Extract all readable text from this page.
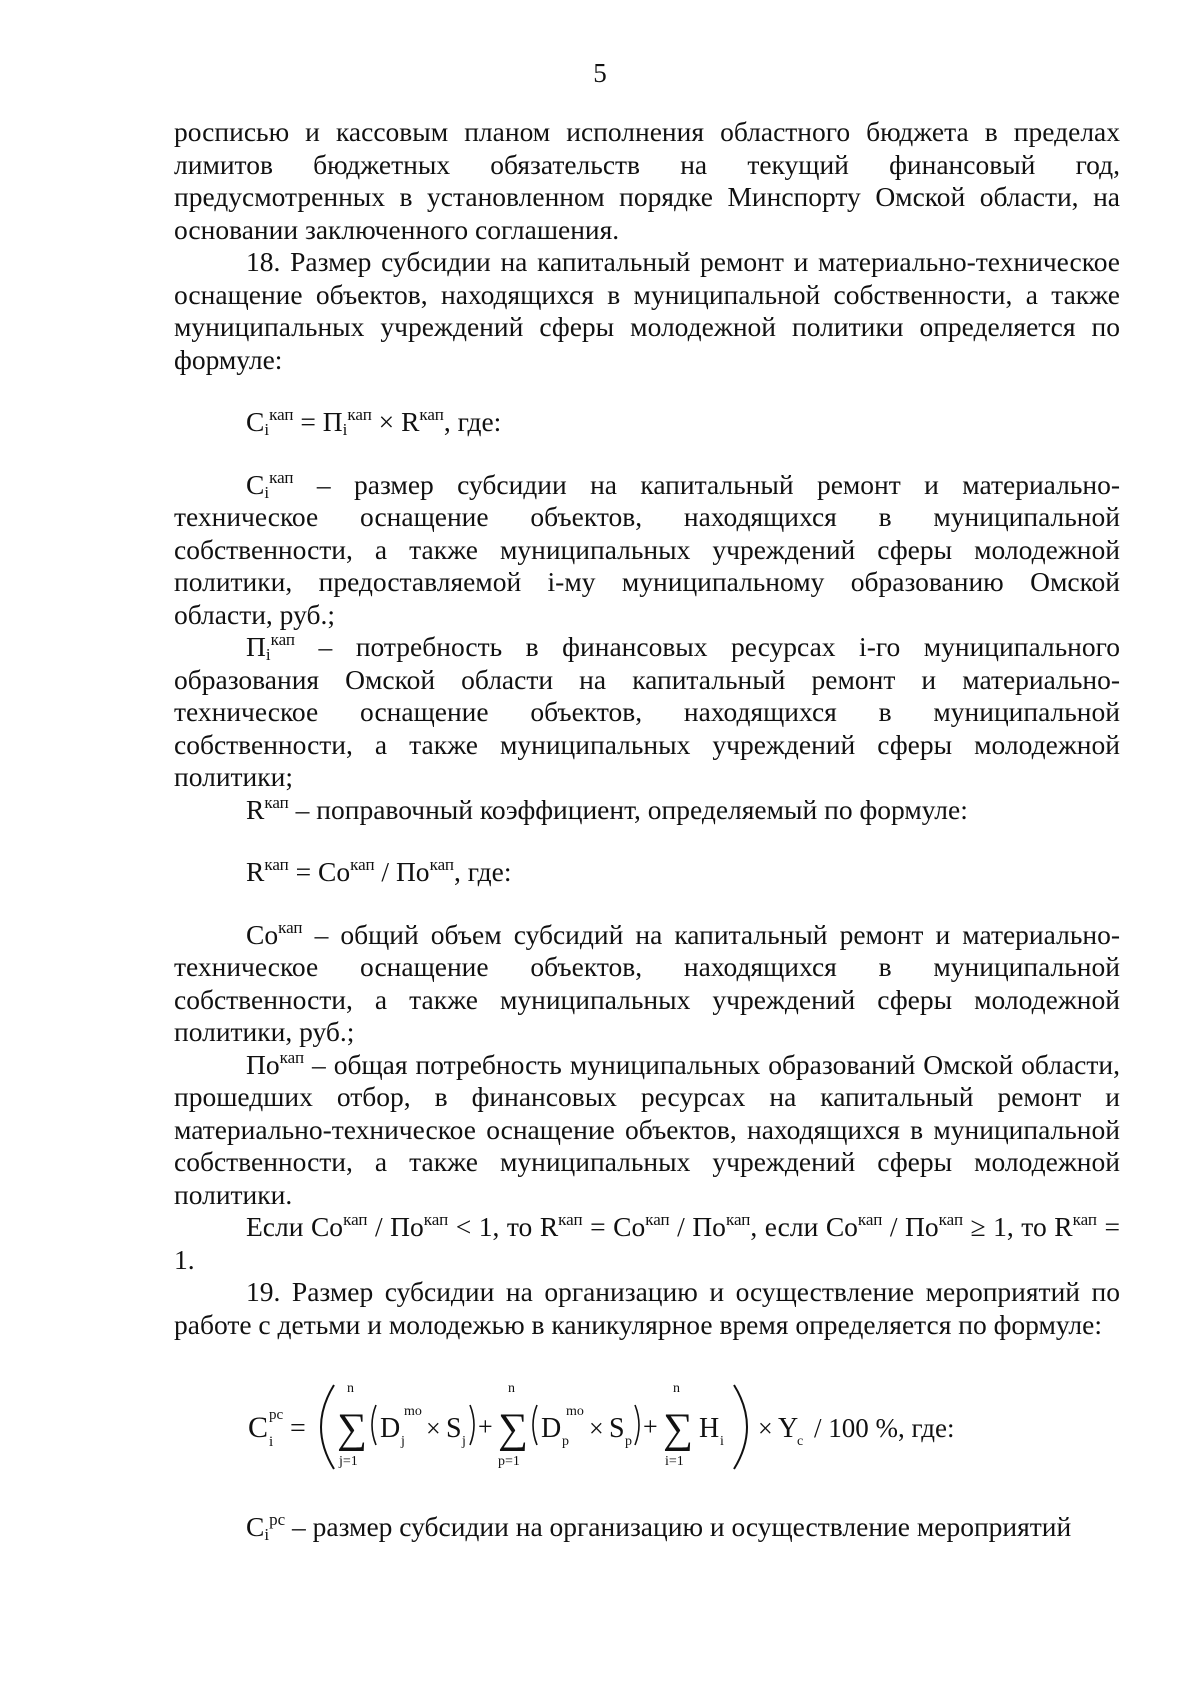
5

росписью и кассовым планом исполнения областного бюджета в пределах лимитов бюджетных обязательств на текущий финансовый год, предусмотренных в установленном порядке Минспорту Омской области, на основании заключенного соглашения.

18. Размер субсидии на капитальный ремонт и материально-техническое оснащение объектов, находящихся в муниципальной собственности, а также муниципальных учреждений сферы молодежной политики определяется по формуле:

$C_i^{кап} = П_i^{кап} \times R^{кап}$, где:

$C_i^{кап}$ – размер субсидии на капитальный ремонт и материально-техническое оснащение объектов, находящихся в муниципальной собственности, а также муниципальных учреждений сферы молодежной политики, предоставляемой i-му муниципальному образованию Омской области, руб.;

$П_i^{кап}$ – потребность в финансовых ресурсах i-го муниципального образования Омской области на капитальный ремонт и материально-техническое оснащение объектов, находящихся в муниципальной собственности, а также муниципальных учреждений сферы молодежной политики;

$R^{кап}$ – поправочный коэффициент, определяемый по формуле:

$R^{кап} = Со^{кап} / По^{кап}$, где:

$Со^{кап}$ – общий объем субсидий на капитальный ремонт и материально-техническое оснащение объектов, находящихся в муниципальной собственности, а также муниципальных учреждений сферы молодежной политики, руб.;

$По^{кап}$ – общая потребность муниципальных образований Омской области, прошедших отбор, в финансовых ресурсах на капитальный ремонт и материально-техническое оснащение объектов, находящихся в муниципальной собственности, а также муниципальных учреждений сферы молодежной политики.

Если $Со^{кап} / По^{кап} < 1$, то $R^{кап} = Со^{кап} / По^{кап}$, если $Со^{кап} / По^{кап} \ge 1$, то $R^{кап} = 1$.

19. Размер субсидии на организацию и осуществление мероприятий по работе с детьми и молодежью в каникулярное время определяется по формуле:

C i
pc =
n
∑
j=1
D j
mo
× S j
+
n
∑
p=1
D p
mo
× S p
+
n
∑
i=1
H i × Y
c / 100 %, где:

$C_i^{pc}$ – размер субсидии на организацию и осуществление мероприятий
